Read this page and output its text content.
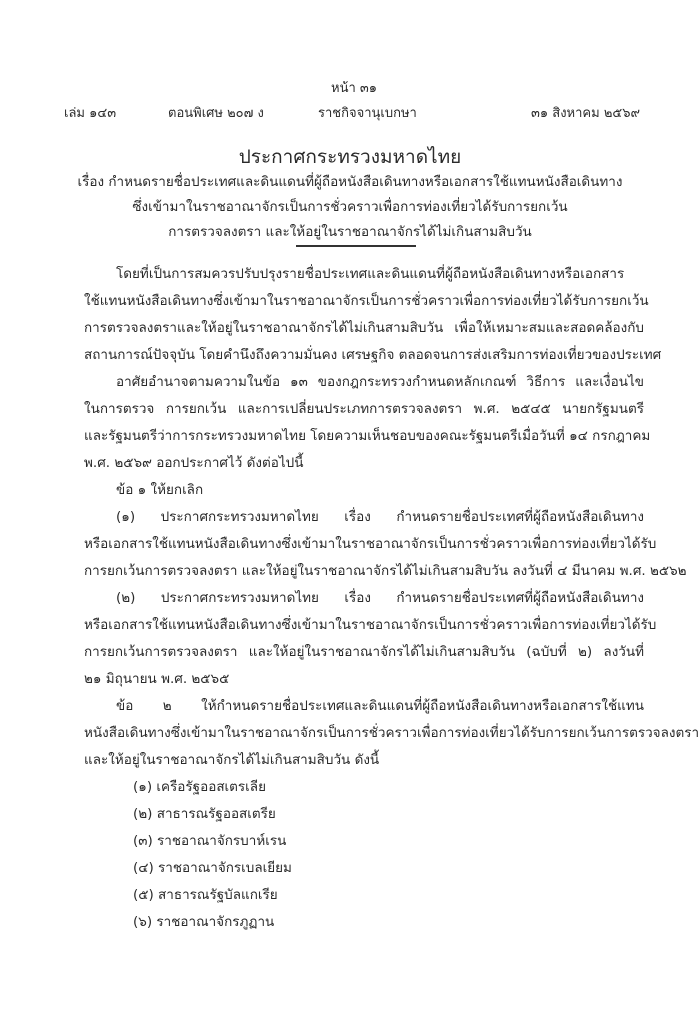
หน้า ๓๑
เล่ม ๑๔๓	ตอนพิเศษ ๒๐๗ ง	ราชกิจจานุเบกษา	๓๑ สิงหาคม ๒๕๖๙
ประกาศกระทรวงมหาดไทย
เรื่อง กำหนดรายชื่อประเทศและดินแดนที่ผู้ถือหนังสือเดินทางหรือเอกสารใช้แทนหนังสือเดินทาง
ซึ่งเข้ามาในราชอาณาจักรเป็นการชั่วคราวเพื่อการท่องเที่ยวได้รับการยกเว้น
การตรวจลงตรา และให้อยู่ในราชอาณาจักรได้ไม่เกินสามสิบวัน
โดยที่เป็นการสมควรปรับปรุงรายชื่อประเทศและดินแดนที่ผู้ถือหนังสือเดินทางหรือเอกสาร
ใช้แทนหนังสือเดินทางซึ่งเข้ามาในราชอาณาจักรเป็นการชั่วคราวเพื่อการท่องเที่ยวได้รับการยกเว้น
การตรวจลงตราและให้อยู่ในราชอาณาจักรได้ไม่เกินสามสิบวัน เพื่อให้เหมาะสมและสอดคล้องกับ
สถานการณ์ปัจจุบัน โดยคำนึงถึงความมั่นคง เศรษฐกิจ ตลอดจนการส่งเสริมการท่องเที่ยวของประเทศ
อาศัยอำนาจตามความในข้อ ๑๓ ของกฎกระทรวงกำหนดหลักเกณฑ์ วิธีการ และเงื่อนไข
ในการตรวจ การยกเว้น และการเปลี่ยนประเภทการตรวจลงตรา พ.ศ. ๒๕๔๕ นายกรัฐมนตรี
และรัฐมนตรีว่าการกระทรวงมหาดไทย โดยความเห็นชอบของคณะรัฐมนตรีเมื่อวันที่ ๑๔ กรกฎาคม
พ.ศ. ๒๕๖๙ ออกประกาศไว้ ดังต่อไปนี้
ข้อ ๑ ให้ยกเลิก
(๑) ประกาศกระทรวงมหาดไทย เรื่อง กำหนดรายชื่อประเทศที่ผู้ถือหนังสือเดินทาง
หรือเอกสารใช้แทนหนังสือเดินทางซึ่งเข้ามาในราชอาณาจักรเป็นการชั่วคราวเพื่อการท่องเที่ยวได้รับ
การยกเว้นการตรวจลงตรา และให้อยู่ในราชอาณาจักรได้ไม่เกินสามสิบวัน ลงวันที่ ๔ มีนาคม พ.ศ. ๒๕๖๒
(๒) ประกาศกระทรวงมหาดไทย เรื่อง กำหนดรายชื่อประเทศที่ผู้ถือหนังสือเดินทาง
หรือเอกสารใช้แทนหนังสือเดินทางซึ่งเข้ามาในราชอาณาจักรเป็นการชั่วคราวเพื่อการท่องเที่ยวได้รับ
การยกเว้นการตรวจลงตรา และให้อยู่ในราชอาณาจักรได้ไม่เกินสามสิบวัน (ฉบับที่ ๒) ลงวันที่
๒๑ มิถุนายน พ.ศ. ๒๕๖๕
ข้อ ๒ ให้กำหนดรายชื่อประเทศและดินแดนที่ผู้ถือหนังสือเดินทางหรือเอกสารใช้แทน
หนังสือเดินทางซึ่งเข้ามาในราชอาณาจักรเป็นการชั่วคราวเพื่อการท่องเที่ยวได้รับการยกเว้นการตรวจลงตรา
และให้อยู่ในราชอาณาจักรได้ไม่เกินสามสิบวัน ดังนี้
(๑) เครือรัฐออสเตรเลีย
(๒) สาธารณรัฐออสเตรีย
(๓) ราชอาณาจักรบาห์เรน
(๔) ราชอาณาจักรเบลเยียม
(๕) สาธารณรัฐบัลแกเรีย
(๖) ราชอาณาจักรภูฏาน
